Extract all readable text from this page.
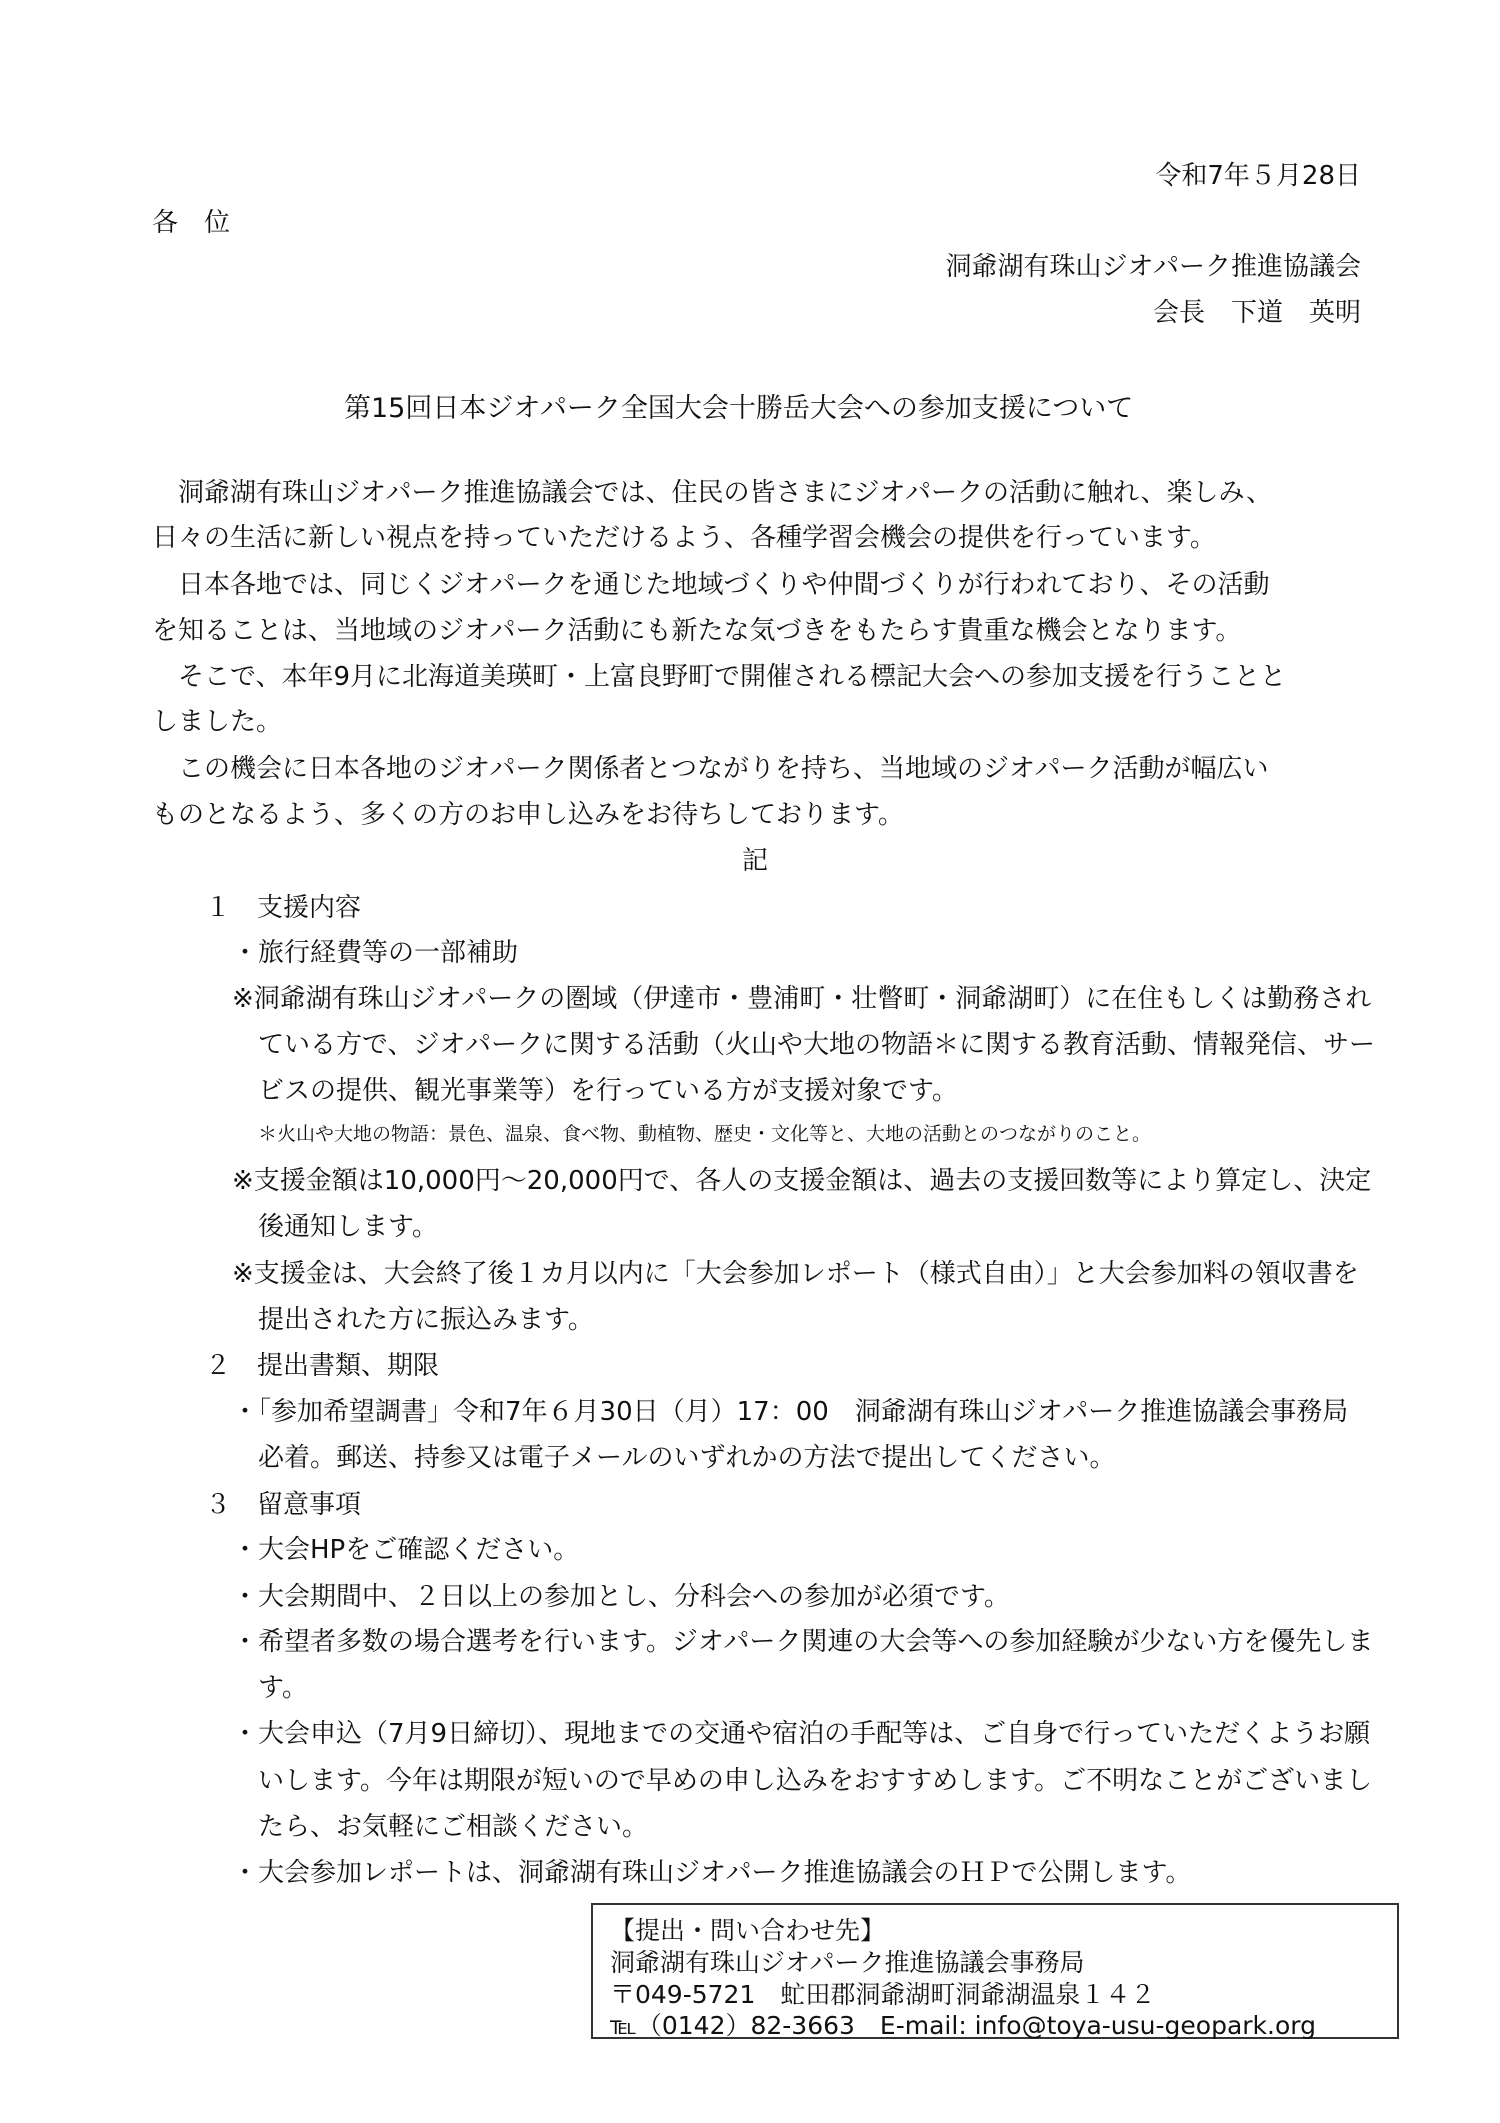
令和7年５月28日
各　位
洞爺湖有珠山ジオパーク推進協議会
会長　下道　英明
第15回日本ジオパーク全国大会十勝岳大会への参加支援について
洞爺湖有珠山ジオパーク推進協議会では、住民の皆さまにジオパークの活動に触れ、楽しみ、
日々の生活に新しい視点を持っていただけるよう、各種学習会機会の提供を行っています。
日本各地では、同じくジオパークを通じた地域づくりや仲間づくりが行われており、その活動
を知ることは、当地域のジオパーク活動にも新たな気づきをもたらす貴重な機会となります。
そこで、本年9月に北海道美瑛町・上富良野町で開催される標記大会への参加支援を行うことと
しました。
この機会に日本各地のジオパーク関係者とつながりを持ち、当地域のジオパーク活動が幅広い
ものとなるよう、多くの方のお申し込みをお待ちしております。
記
１　支援内容
・旅行経費等の一部補助
※洞爺湖有珠山ジオパークの圏域（伊達市・豊浦町・壮瞥町・洞爺湖町）に在住もしくは勤務され
ている方で、ジオパークに関する活動（火山や大地の物語＊に関する教育活動、情報発信、サー
ビスの提供、観光事業等）を行っている方が支援対象です。
＊火山や大地の物語：景色、温泉、食べ物、動植物、歴史・文化等と、大地の活動とのつながりのこと。
※支援金額は10,000円～20,000円で、各人の支援金額は、過去の支援回数等により算定し、決定
後通知します。
※支援金は、大会終了後１カ月以内に「大会参加レポート（様式自由）」と大会参加料の領収書を
提出された方に振込みます。
２　提出書類、期限
・「参加希望調書」令和7年６月30日（月）17：00　洞爺湖有珠山ジオパーク推進協議会事務局
必着。郵送、持参又は電子メールのいずれかの方法で提出してください。
３　留意事項
・大会HPをご確認ください。
・大会期間中、２日以上の参加とし、分科会への参加が必須です。
・希望者多数の場合選考を行います。ジオパーク関連の大会等への参加経験が少ない方を優先しま
す。
・大会申込（7月9日締切）、現地までの交通や宿泊の手配等は、ご自身で行っていただくようお願
いします。今年は期限が短いので早めの申し込みをおすすめします。ご不明なことがございまし
たら、お気軽にご相談ください。
・大会参加レポートは、洞爺湖有珠山ジオパーク推進協議会のＨＰで公開します。
【提出・問い合わせ先】
洞爺湖有珠山ジオパーク推進協議会事務局
〒049-5721　虻田郡洞爺湖町洞爺湖温泉１４２
℡（0142）82-3663　E-mail: info@toya-usu-geopark.org
